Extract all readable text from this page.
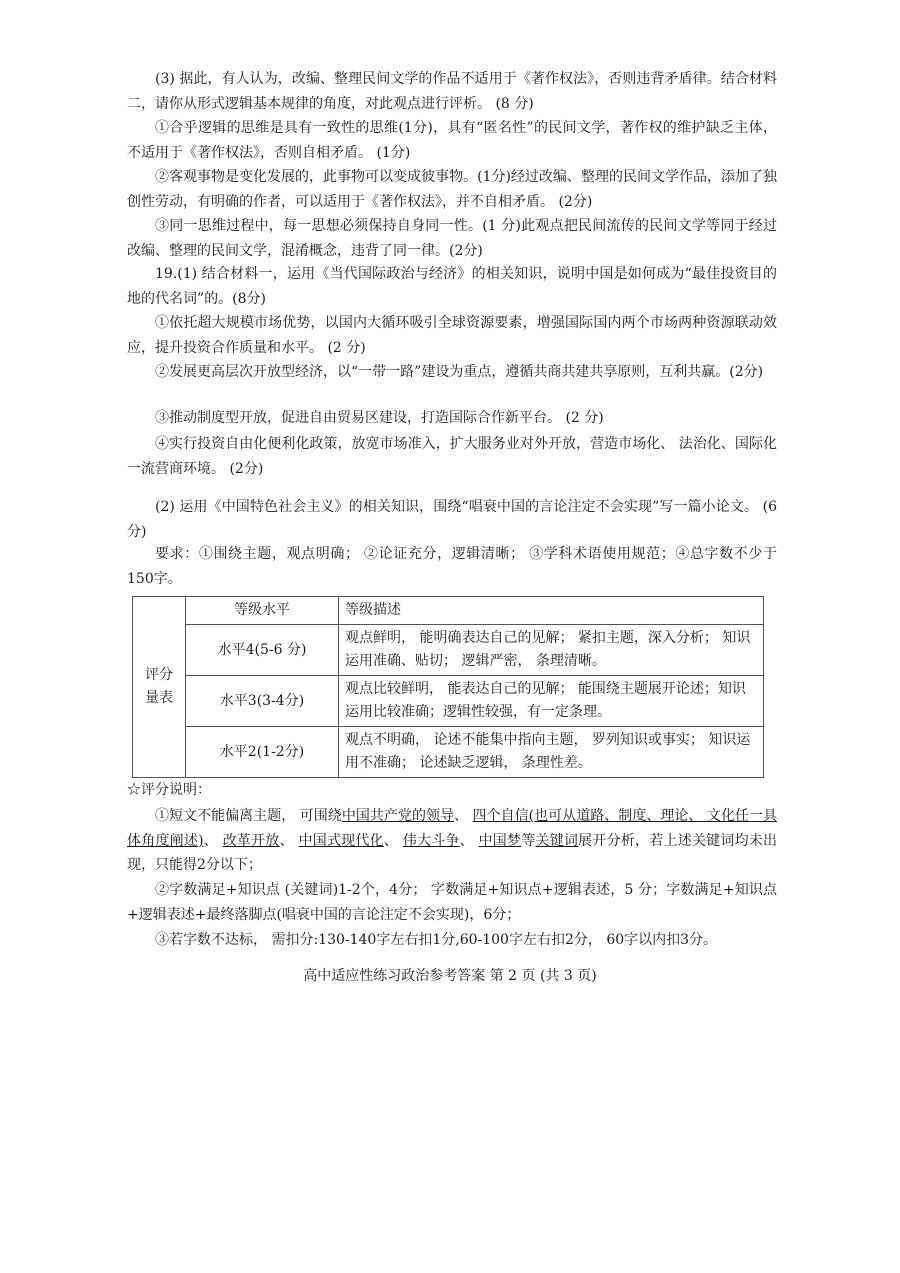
(3) 据此，有人认为，改编、整理民间文学的作品不适用于《著作权法》，否则违背矛盾律。结合材料二，请你从形式逻辑基本规律的角度，对此观点进行评析。 (8 分)

①合乎逻辑的思维是具有一致性的思维(1分)，具有“匿名性”的民间文学，著作权的维护缺乏主体，不适用于《著作权法》，否则自相矛盾。 (1分)

②客观事物是变化发展的，此事物可以变成彼事物。(1分)经过改编、整理的民间文学作品，添加了独创性劳动，有明确的作者，可以适用于《著作权法》，并不自相矛盾。 (2分)

③同一思维过程中，每一思想必须保持自身同一性。(1 分)此观点把民间流传的民间文学等同于经过改编、整理的民间文学，混淆概念，违背了同一律。(2分)

19.(1) 结合材料一，运用《当代国际政治与经济》的相关知识，说明中国是如何成为“最佳投资目的地的代名词”的。(8分)

①依托超大规模市场优势，以国内大循环吸引全球资源要素，增强国际国内两个市场两种资源联动效应，提升投资合作质量和水平。 (2 分)

②发展更高层次开放型经济，以“一带一路”建设为重点，遵循共商共建共享原则，互利共赢。(2分)

③推动制度型开放，促进自由贸易区建设，打造国际合作新平台。 (2 分)

④实行投资自由化便利化政策，放宽市场准入，扩大服务业对外开放，营造市场化、 法治化、国际化一流营商环境。 (2分)

(2) 运用《中国特色社会主义》的相关知识，围绕“唱衰中国的言论注定不会实现”写一篇小论文。 (6分)

要求：①围绕主题，观点明确； ②论证充分，逻辑清晰； ③学科术语使用规范；④总字数不少于150字。

评分量表	等级水平	等级描述
	水平4(5-6 分)	观点鲜明， 能明确表达自己的见解； 紧扣主题，深入分析； 知识运用准确、贴切； 逻辑严密， 条理清晰。
	水平3(3-4分)	观点比较鲜明， 能表达自己的见解； 能围绕主题展开论述；知识运用比较准确；逻辑性较强，有一定条理。
	水平2(1-2分)	观点不明确， 论述不能集中指向主题， 罗列知识或事实； 知识运用不准确； 论述缺乏逻辑， 条理性差。

☆评分说明：

①短文不能偏离主题， 可围绕中国共产党的领导、 四个自信(也可从道路、制度、理论、 文化任一具体角度阐述)、 改革开放、 中国式现代化、 伟大斗争、 中国梦等关键词展开分析，若上述关键词均未出现，只能得2分以下；

②字数满足+知识点 (关键词)1-2个，4分； 字数满足+知识点+逻辑表述，5 分；字数满足+知识点+逻辑表述+最终落脚点(唱衰中国的言论注定不会实现)，6分；

③若字数不达标， 需扣分:130-140字左右扣1分,60-100字左右扣2分， 60字以内扣3分。

高中适应性练习政治参考答案 第 2 页 (共 3 页)
